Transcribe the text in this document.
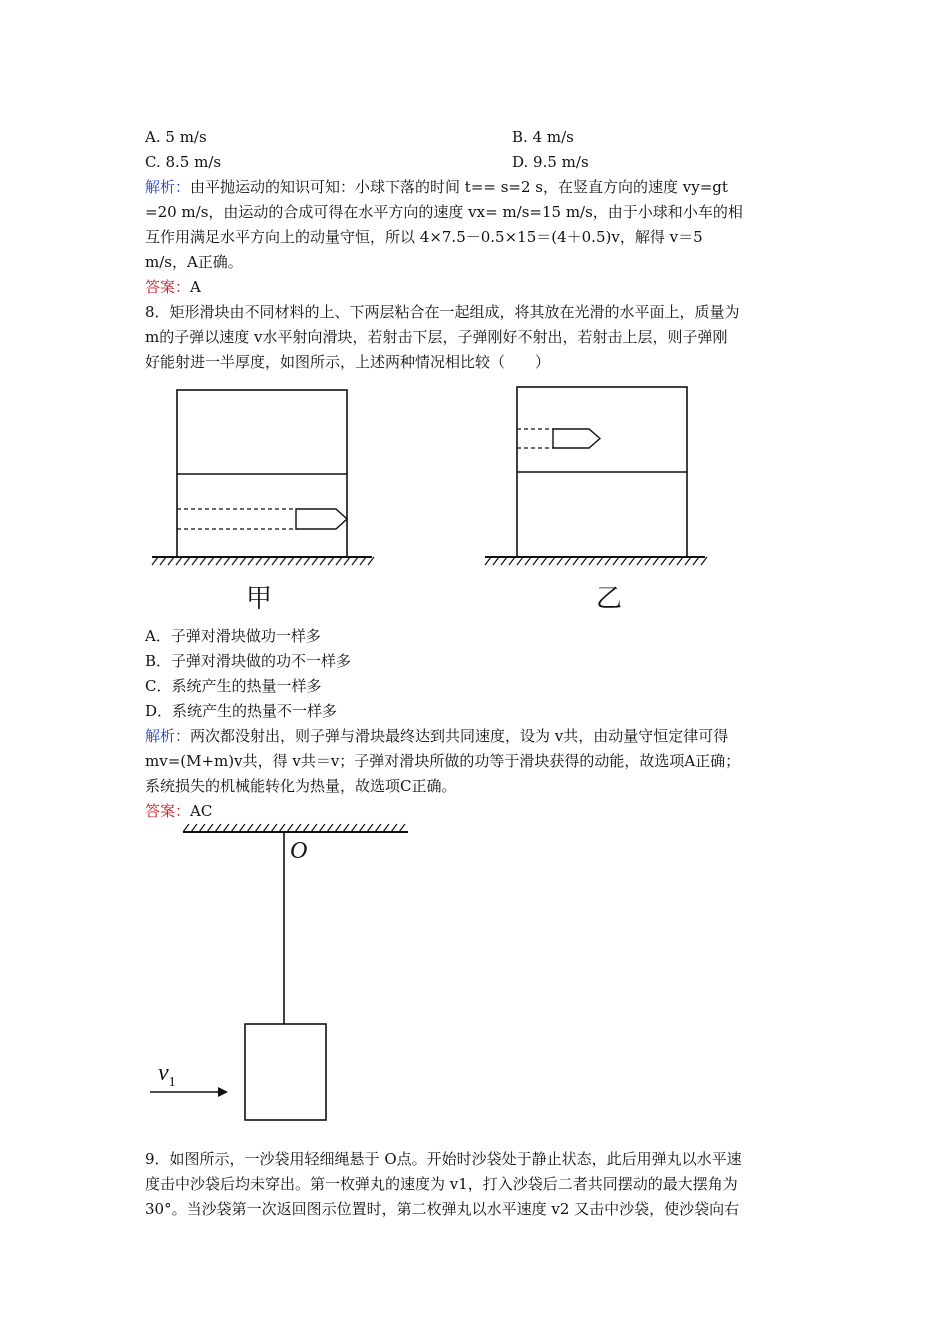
A. 5 m/s	B. 4 m/s
C. 8.5 m/s	D. 9.5 m/s
解析：由平抛运动的知识可知：小球下落的时间 t== s=2 s，在竖直方向的速度 vy=gt
=20 m/s，由运动的合成可得在水平方向的速度 vx= m/s=15 m/s，由于小球和小车的相
互作用满足水平方向上的动量守恒，所以 4×7.5－0.5×15＝(4＋0.5)v，解得 v＝5
m/s，A正确。
答案：A
8．矩形滑块由不同材料的上、下两层粘合在一起组成，将其放在光滑的水平面上，质量为
m的子弹以速度 v水平射向滑块，若射击下层，子弹刚好不射出，若射击上层，则子弹刚
好能射进一半厚度，如图所示，上述两种情况相比较（　　）
甲	乙
A．子弹对滑块做功一样多
B．子弹对滑块做的功不一样多
C．系统产生的热量一样多
D．系统产生的热量不一样多
解析：两次都没射出，则子弹与滑块最终达到共同速度，设为 v共，由动量守恒定律可得
mv=(M+m)v共，得 v共＝v；子弹对滑块所做的功等于滑块获得的动能，故选项A正确；
系统损失的机械能转化为热量，故选项C正确。
答案：AC
O
$v_1$
9．如图所示，一沙袋用轻细绳悬于 O点。开始时沙袋处于静止状态，此后用弹丸以水平速
度击中沙袋后均未穿出。第一枚弹丸的速度为 v1，打入沙袋后二者共同摆动的最大摆角为
30°。当沙袋第一次返回图示位置时，第二枚弹丸以水平速度 v2 又击中沙袋，使沙袋向右
